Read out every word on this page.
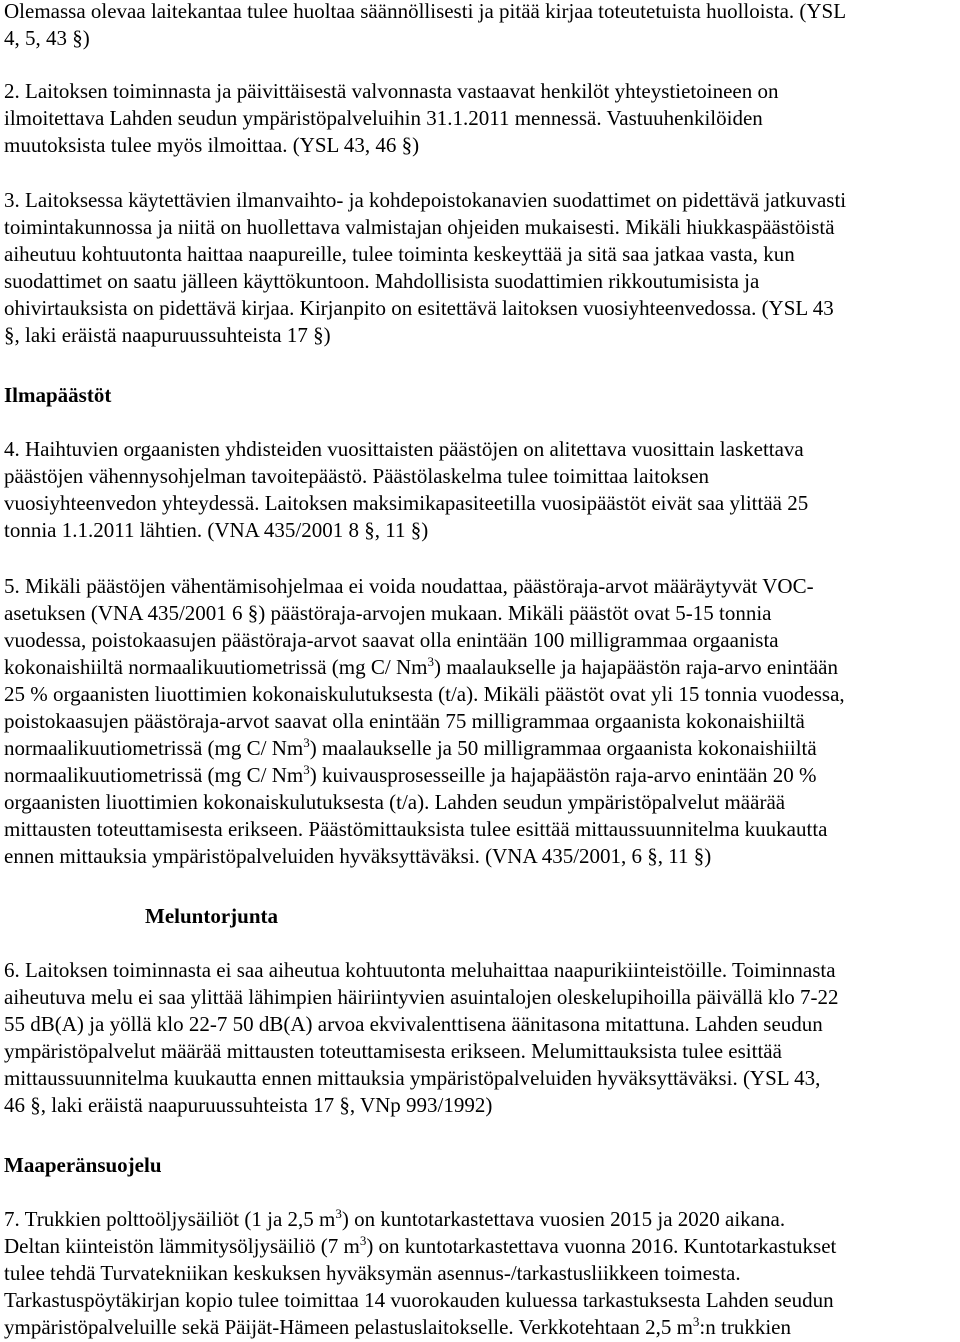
Olemassa olevaa laitekantaa tulee huoltaa säännöllisesti ja pitää kirjaa toteutetuista huolloista. (YSL
4, 5, 43 §)
2. Laitoksen toiminnasta ja päivittäisestä valvonnasta vastaavat henkilöt yhteystietoineen on
ilmoitettava Lahden seudun ympäristöpalveluihin 31.1.2011 mennessä. Vastuuhenkilöiden
muutoksista tulee myös ilmoittaa. (YSL 43, 46 §)
3. Laitoksessa käytettävien ilmanvaihto- ja kohdepoistokanavien suodattimet on pidettävä jatkuvasti
toimintakunnossa ja niitä on huollettava valmistajan ohjeiden mukaisesti. Mikäli hiukkaspäästöistä
aiheutuu kohtuutonta haittaa naapureille, tulee toiminta keskeyttää ja sitä saa jatkaa vasta, kun
suodattimet on saatu jälleen käyttökuntoon. Mahdollisista suodattimien rikkoutumisista ja
ohivirtauksista on pidettävä kirjaa. Kirjanpito on esitettävä laitoksen vuosiyhteenvedossa. (YSL 43
§, laki eräistä naapuruussuhteista 17 §)
Ilmapäästöt
4. Haihtuvien orgaanisten yhdisteiden vuosittaisten päästöjen on alitettava vuosittain laskettava
päästöjen vähennysohjelman tavoitepäästö. Päästölaskelma tulee toimittaa laitoksen
vuosiyhteenvedon yhteydessä. Laitoksen maksimikapasiteetilla vuosipäästöt eivät saa ylittää 25
tonnia 1.1.2011 lähtien. (VNA 435/2001 8 §, 11 §)
5. Mikäli päästöjen vähentämisohjelmaa ei voida noudattaa, päästöraja-arvot määräytyvät VOC-
asetuksen (VNA 435/2001 6 §) päästöraja-arvojen mukaan. Mikäli päästöt ovat 5-15 tonnia
vuodessa, poistokaasujen päästöraja-arvot saavat olla enintään 100 milligrammaa orgaanista
kokonaishiiltä normaalikuutiometrissä (mg C/ Nm$^3$) maalaukselle ja hajapäästön raja-arvo enintään
25 % orgaanisten liuottimien kokonaiskulutuksesta (t/a). Mikäli päästöt ovat yli 15 tonnia vuodessa,
poistokaasujen päästöraja-arvot saavat olla enintään 75 milligrammaa orgaanista kokonaishiiltä
normaalikuutiometrissä (mg C/ Nm$^3$) maalaukselle ja 50 milligrammaa orgaanista kokonaishiiltä
normaalikuutiometrissä (mg C/ Nm$^3$) kuivausprosesseille ja hajapäästön raja-arvo enintään 20 %
orgaanisten liuottimien kokonaiskulutuksesta (t/a). Lahden seudun ympäristöpalvelut määrää
mittausten toteuttamisesta erikseen. Päästömittauksista tulee esittää mittaussuunnitelma kuukautta
ennen mittauksia ympäristöpalveluiden hyväksyttäväksi. (VNA 435/2001, 6 §, 11 §)
Meluntorjunta
6. Laitoksen toiminnasta ei saa aiheutua kohtuutonta meluhaittaa naapurikiinteistöille. Toiminnasta
aiheutuva melu ei saa ylittää lähimpien häiriintyvien asuintalojen oleskelupihoilla päivällä klo 7-22
55 dB(A) ja yöllä klo 22-7 50 dB(A) arvoa ekvivalenttisena äänitasona mitattuna. Lahden seudun
ympäristöpalvelut määrää mittausten toteuttamisesta erikseen. Melumittauksista tulee esittää
mittaussuunnitelma kuukautta ennen mittauksia ympäristöpalveluiden hyväksyttäväksi. (YSL 43,
46 §, laki eräistä naapuruussuhteista 17 §, VNp 993/1992)
Maaperänsuojelu
7. Trukkien polttoöljysäiliöt (1 ja 2,5 $m^3$) on kuntotarkastettava vuosien 2015 ja 2020 aikana.
Deltan kiinteistön lämmitysöljysäiliö (7 $m^3$) on kuntotarkastettava vuonna 2016. Kuntotarkastukset
tulee tehdä Turvatekniikan keskuksen hyväksymän asennus-/tarkastusliikkeen toimesta.
Tarkastuspöytäkirjan kopio tulee toimittaa 14 vuorokauden kuluessa tarkastuksesta Lahden seudun
ympäristöpalveluille sekä Päijät-Hämeen pelastuslaitokselle. Verkkotehtaan 2,5 $m^3:n$ trukkien
